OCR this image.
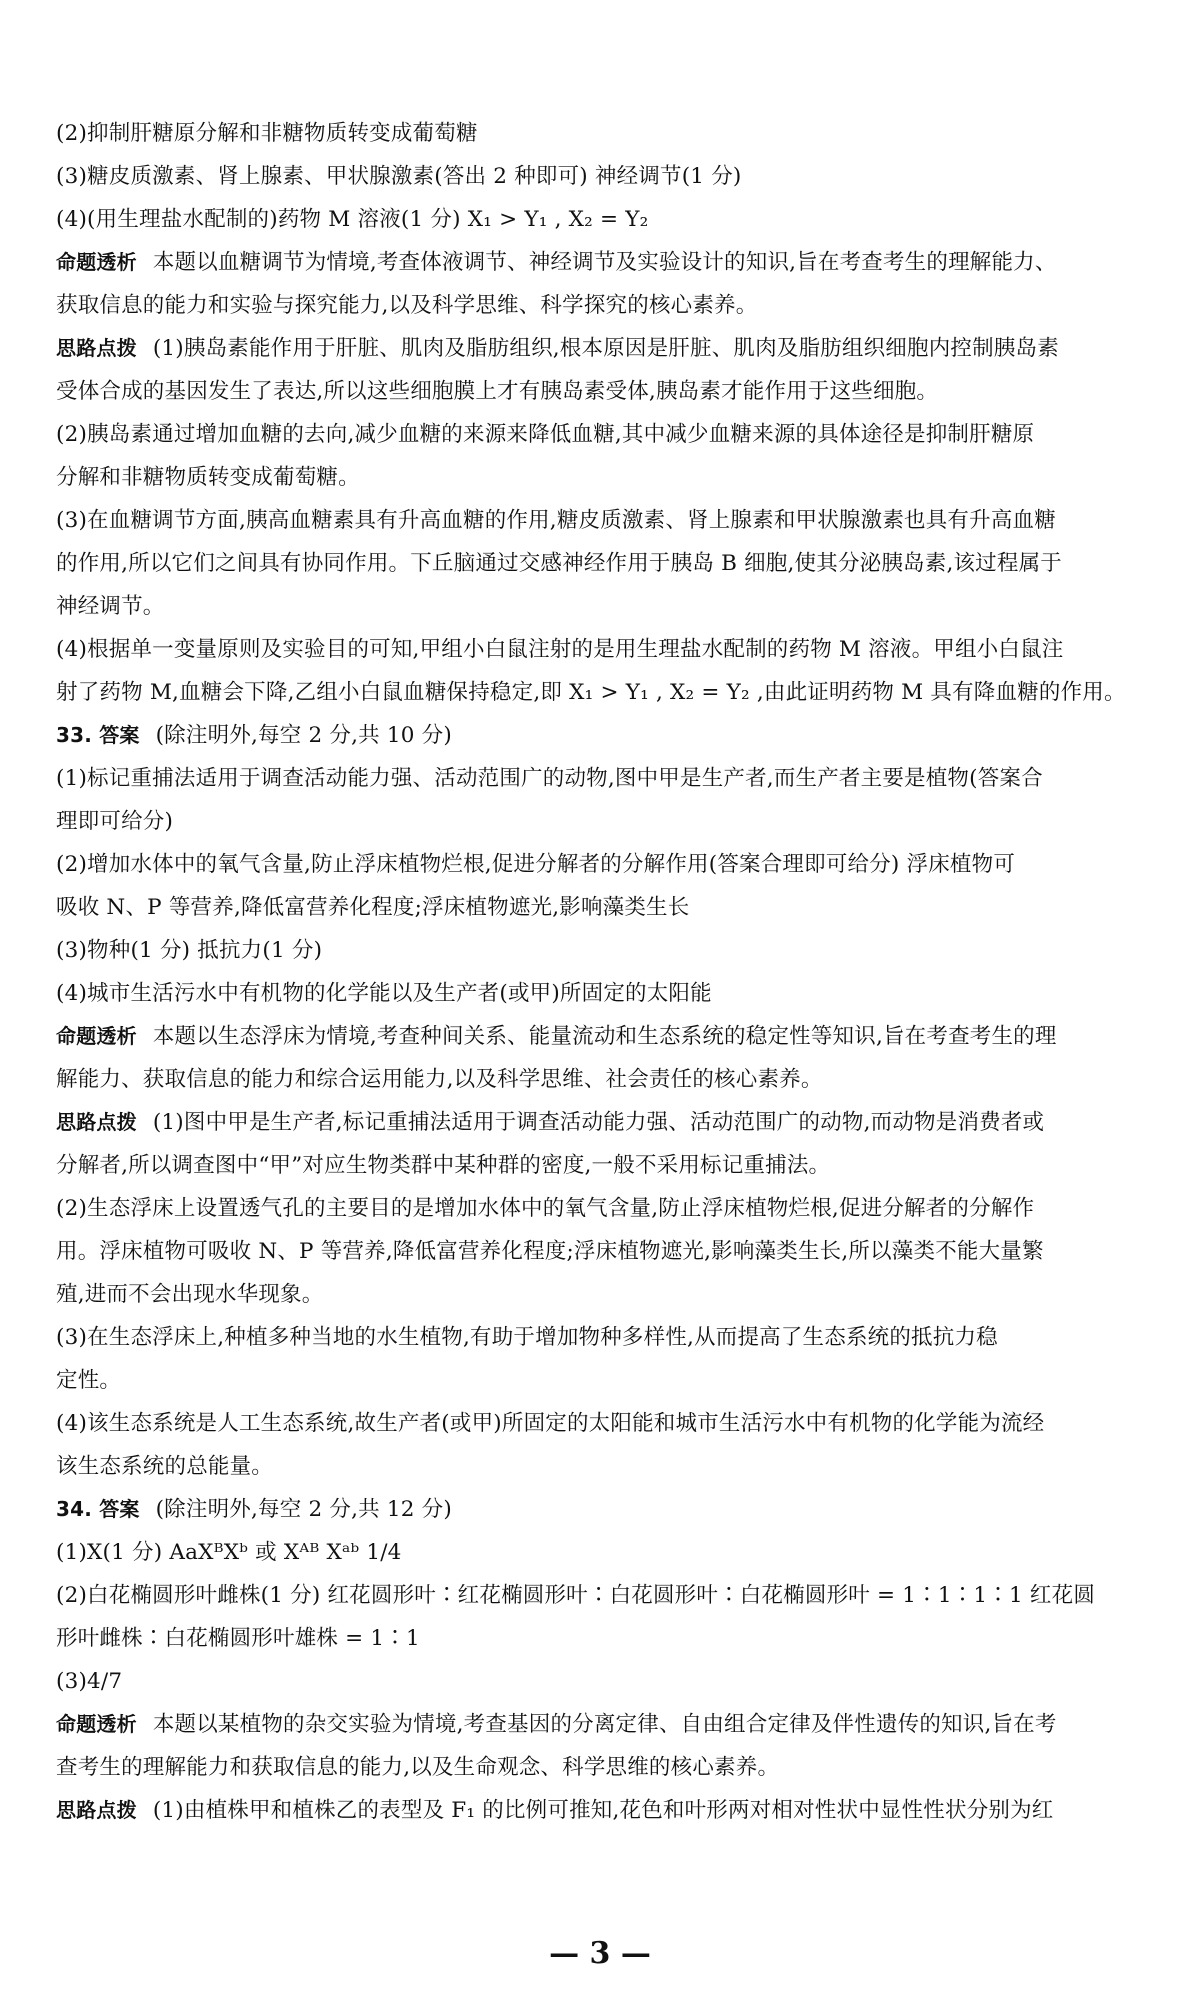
(2)抑制肝糖原分解和非糖物质转变成葡萄糖
(3)糖皮质激素、肾上腺素、甲状腺激素(答出 2 种即可) 神经调节(1 分)
(4)(用生理盐水配制的)药物 M 溶液(1 分) X₁ > Y₁ , X₂ = Y₂
命题透析 本题以血糖调节为情境,考查体液调节、神经调节及实验设计的知识,旨在考查考生的理解能力、
获取信息的能力和实验与探究能力,以及科学思维、科学探究的核心素养。
思路点拨 (1)胰岛素能作用于肝脏、肌肉及脂肪组织,根本原因是肝脏、肌肉及脂肪组织细胞内控制胰岛素
受体合成的基因发生了表达,所以这些细胞膜上才有胰岛素受体,胰岛素才能作用于这些细胞。
(2)胰岛素通过增加血糖的去向,减少血糖的来源来降低血糖,其中减少血糖来源的具体途径是抑制肝糖原
分解和非糖物质转变成葡萄糖。
(3)在血糖调节方面,胰高血糖素具有升高血糖的作用,糖皮质激素、肾上腺素和甲状腺激素也具有升高血糖
的作用,所以它们之间具有协同作用。下丘脑通过交感神经作用于胰岛 B 细胞,使其分泌胰岛素,该过程属于
神经调节。
(4)根据单一变量原则及实验目的可知,甲组小白鼠注射的是用生理盐水配制的药物 M 溶液。甲组小白鼠注
射了药物 M,血糖会下降,乙组小白鼠血糖保持稳定,即 X₁ > Y₁ , X₂ = Y₂ ,由此证明药物 M 具有降血糖的作用。
33. 答案 (除注明外,每空 2 分,共 10 分)
(1)标记重捕法适用于调查活动能力强、活动范围广的动物,图中甲是生产者,而生产者主要是植物(答案合
理即可给分)
(2)增加水体中的氧气含量,防止浮床植物烂根,促进分解者的分解作用(答案合理即可给分) 浮床植物可
吸收 N、P 等营养,降低富营养化程度;浮床植物遮光,影响藻类生长
(3)物种(1 分) 抵抗力(1 分)
(4)城市生活污水中有机物的化学能以及生产者(或甲)所固定的太阳能
命题透析 本题以生态浮床为情境,考查种间关系、能量流动和生态系统的稳定性等知识,旨在考查考生的理
解能力、获取信息的能力和综合运用能力,以及科学思维、社会责任的核心素养。
思路点拨 (1)图中甲是生产者,标记重捕法适用于调查活动能力强、活动范围广的动物,而动物是消费者或
分解者,所以调查图中“甲”对应生物类群中某种群的密度,一般不采用标记重捕法。
(2)生态浮床上设置透气孔的主要目的是增加水体中的氧气含量,防止浮床植物烂根,促进分解者的分解作
用。浮床植物可吸收 N、P 等营养,降低富营养化程度;浮床植物遮光,影响藻类生长,所以藻类不能大量繁
殖,进而不会出现水华现象。
(3)在生态浮床上,种植多种当地的水生植物,有助于增加物种多样性,从而提高了生态系统的抵抗力稳
定性。
(4)该生态系统是人工生态系统,故生产者(或甲)所固定的太阳能和城市生活污水中有机物的化学能为流经
该生态系统的总能量。
34. 答案 (除注明外,每空 2 分,共 12 分)
(1)X(1 分) AaXᴮXᵇ 或 Xᴬᴮ Xᵃᵇ 1/4
(2)白花椭圆形叶雌株(1 分) 红花圆形叶∶红花椭圆形叶∶白花圆形叶∶白花椭圆形叶 = 1∶1∶1∶1 红花圆
形叶雌株∶白花椭圆形叶雄株 = 1∶1
(3)4/7
命题透析 本题以某植物的杂交实验为情境,考查基因的分离定律、自由组合定律及伴性遗传的知识,旨在考
查考生的理解能力和获取信息的能力,以及生命观念、科学思维的核心素养。
思路点拨 (1)由植株甲和植株乙的表型及 F₁ 的比例可推知,花色和叶形两对相对性状中显性性状分别为红
— 3 —
